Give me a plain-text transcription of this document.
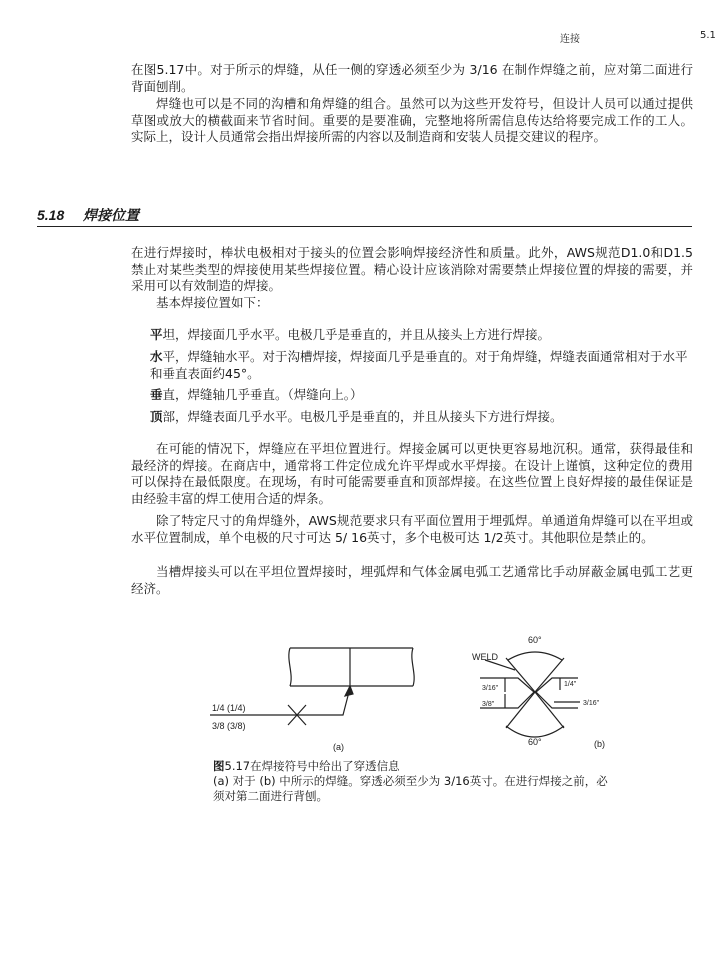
连接	5.1

在图5.17中。对于所示的焊缝，从任一侧的穿透必须至少为 3/16 在制作焊缝之前，应对第二面进行背面刨削。

焊缝也可以是不同的沟槽和角焊缝的组合。虽然可以为这些开发符号，但设计人员可以通过提供草图或放大的横截面来节省时间。重要的是要准确，完整地将所需信息传达给将要完成工作的工人。实际上，设计人员通常会指出焊接所需的内容以及制造商和安装人员提交建议的程序。

5.18 焊接位置

在进行焊接时，棒状电极相对于接头的位置会影响焊接经济性和质量。此外，AWS规范D1.0和D1.5禁止对某些类型的焊接使用某些焊接位置。精心设计应该消除对需要禁止焊接位置的焊接的需要，并采用可以有效制造的焊接。

基本焊接位置如下：

平坦，焊接面几乎水平。电极几乎是垂直的，并且从接头上方进行焊接。

水平，焊缝轴水平。对于沟槽焊接，焊接面几乎是垂直的。对于角焊缝，焊缝表面通常相对于水平和垂直表面约45°。

垂直，焊缝轴几乎垂直。（焊缝向上。）

顶部，焊缝表面几乎水平。电极几乎是垂直的，并且从接头下方进行焊接。

在可能的情况下，焊缝应在平坦位置进行。焊接金属可以更快更容易地沉积。通常，获得最佳和最经济的焊接。在商店中，通常将工件定位成允许平焊或水平焊接。在设计上谨慎，这种定位的费用可以保持在最低限度。在现场，有时可能需要垂直和顶部焊接。在这些位置上良好焊接的最佳保证是由经验丰富的焊工使用合适的焊条。

除了特定尺寸的角焊缝外，AWS规范要求只有平面位置用于埋弧焊。单通道角焊缝可以在平坦或水平位置制成，单个电极的尺寸可达 5/ 16英寸，多个电极可达 1/2英寸。其他职位是禁止的。

当槽焊接头可以在平坦位置焊接时，埋弧焊和气体金属电弧工艺通常比手动屏蔽金属电弧工艺更经济。

1/4 (1/4)
3/8 (3/8)
(a)
WELD
60°
60°
3/16"
3/8"
1/4"
3/16"
(b)

图5.17在焊接符号中给出了穿透信息
(a) 对于 (b) 中所示的焊缝。穿透必须至少为 3/16英寸。在进行焊接之前，必须对第二面进行背刨。
